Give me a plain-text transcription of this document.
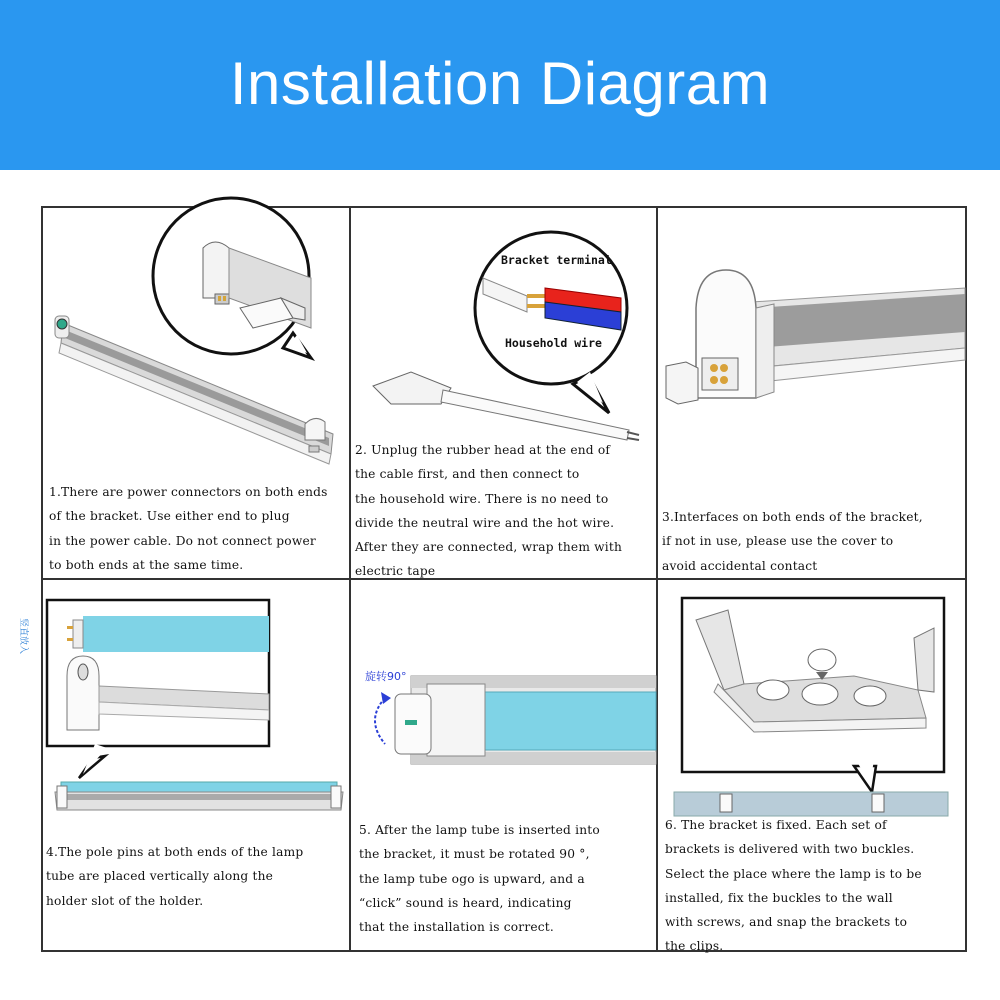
Installation Diagram
1.There are power connectors on both ends
of the bracket. Use either end to plug
in the power cable. Do not connect power
to both ends at the same time.
Bracket terminal
Household wire
2. Unplug the rubber head at the end of
the cable first, and then connect to
the household wire. There is no need to
divide the neutral wire and the hot wire.
After they are connected, wrap them with
electric tape
3.Interfaces on both ends of the bracket,
if not in use, please use the cover to
avoid accidental contact
竖直放入
4.The pole pins at both ends of the lamp
tube are placed vertically along the
holder slot of the holder.
旋转90°
5. After the lamp tube is inserted into
the bracket, it must be rotated 90 °,
the lamp tube ogo is upward, and a
“click” sound is heard, indicating
that the installation is correct.
6. The bracket is fixed. Each set of
brackets is delivered with two buckles.
Select the place where the lamp is to be
installed, fix the buckles to the wall
with screws, and snap the brackets to
the clips.
